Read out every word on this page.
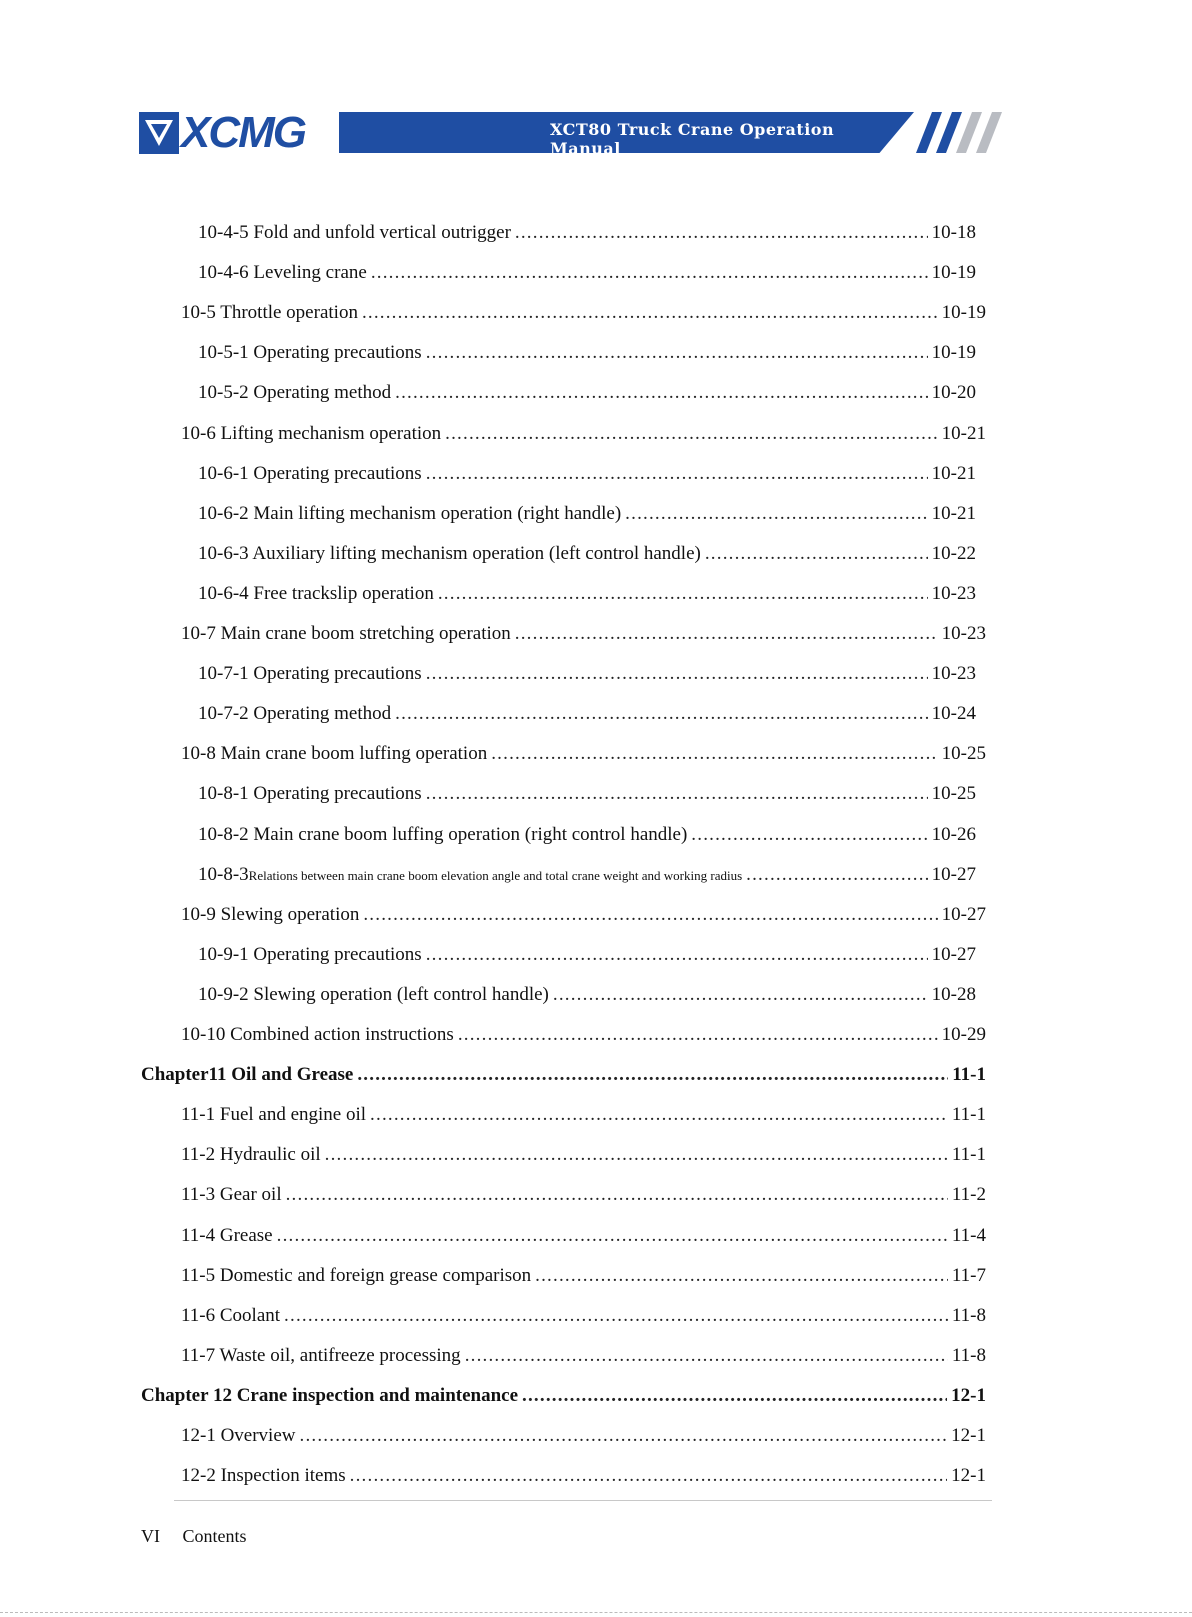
XCMG	XCT80 Truck Crane Operation Manual
10-4-5 Fold and unfold vertical outrigger .....	10-18
10-4-6 Leveling crane .....	10-19
10-5 Throttle operation .....	10-19
10-5-1 Operating precautions .....	10-19
10-5-2 Operating method .....	10-20
10-6 Lifting mechanism operation .....	10-21
10-6-1 Operating precautions .....	10-21
10-6-2 Main lifting mechanism operation (right handle) .....	10-21
10-6-3 Auxiliary lifting mechanism operation (left control handle) .....	10-22
10-6-4 Free trackslip operation .....	10-23
10-7 Main crane boom stretching operation .....	10-23
10-7-1 Operating precautions .....	10-23
10-7-2 Operating method .....	10-24
10-8 Main crane boom luffing operation .....	10-25
10-8-1 Operating precautions .....	10-25
10-8-2 Main crane boom luffing operation (right control handle) .....	10-26
10-8-3 Relations between main crane boom elevation angle and total crane weight and working radius .....	10-27
10-9 Slewing operation .....	10-27
10-9-1 Operating precautions .....	10-27
10-9-2 Slewing operation (left control handle) .....	10-28
10-10 Combined action instructions .....	10-29
Chapter11 Oil and Grease .....	11-1
11-1 Fuel and engine oil .....	11-1
11-2 Hydraulic oil .....	11-1
11-3 Gear oil .....	11-2
11-4 Grease .....	11-4
11-5 Domestic and foreign grease comparison .....	11-7
11-6 Coolant .....	11-8
11-7 Waste oil, antifreeze processing .....	11-8
Chapter 12 Crane inspection and maintenance .....	12-1
12-1 Overview .....	12-1
12-2 Inspection items .....	12-1
VI Contents
